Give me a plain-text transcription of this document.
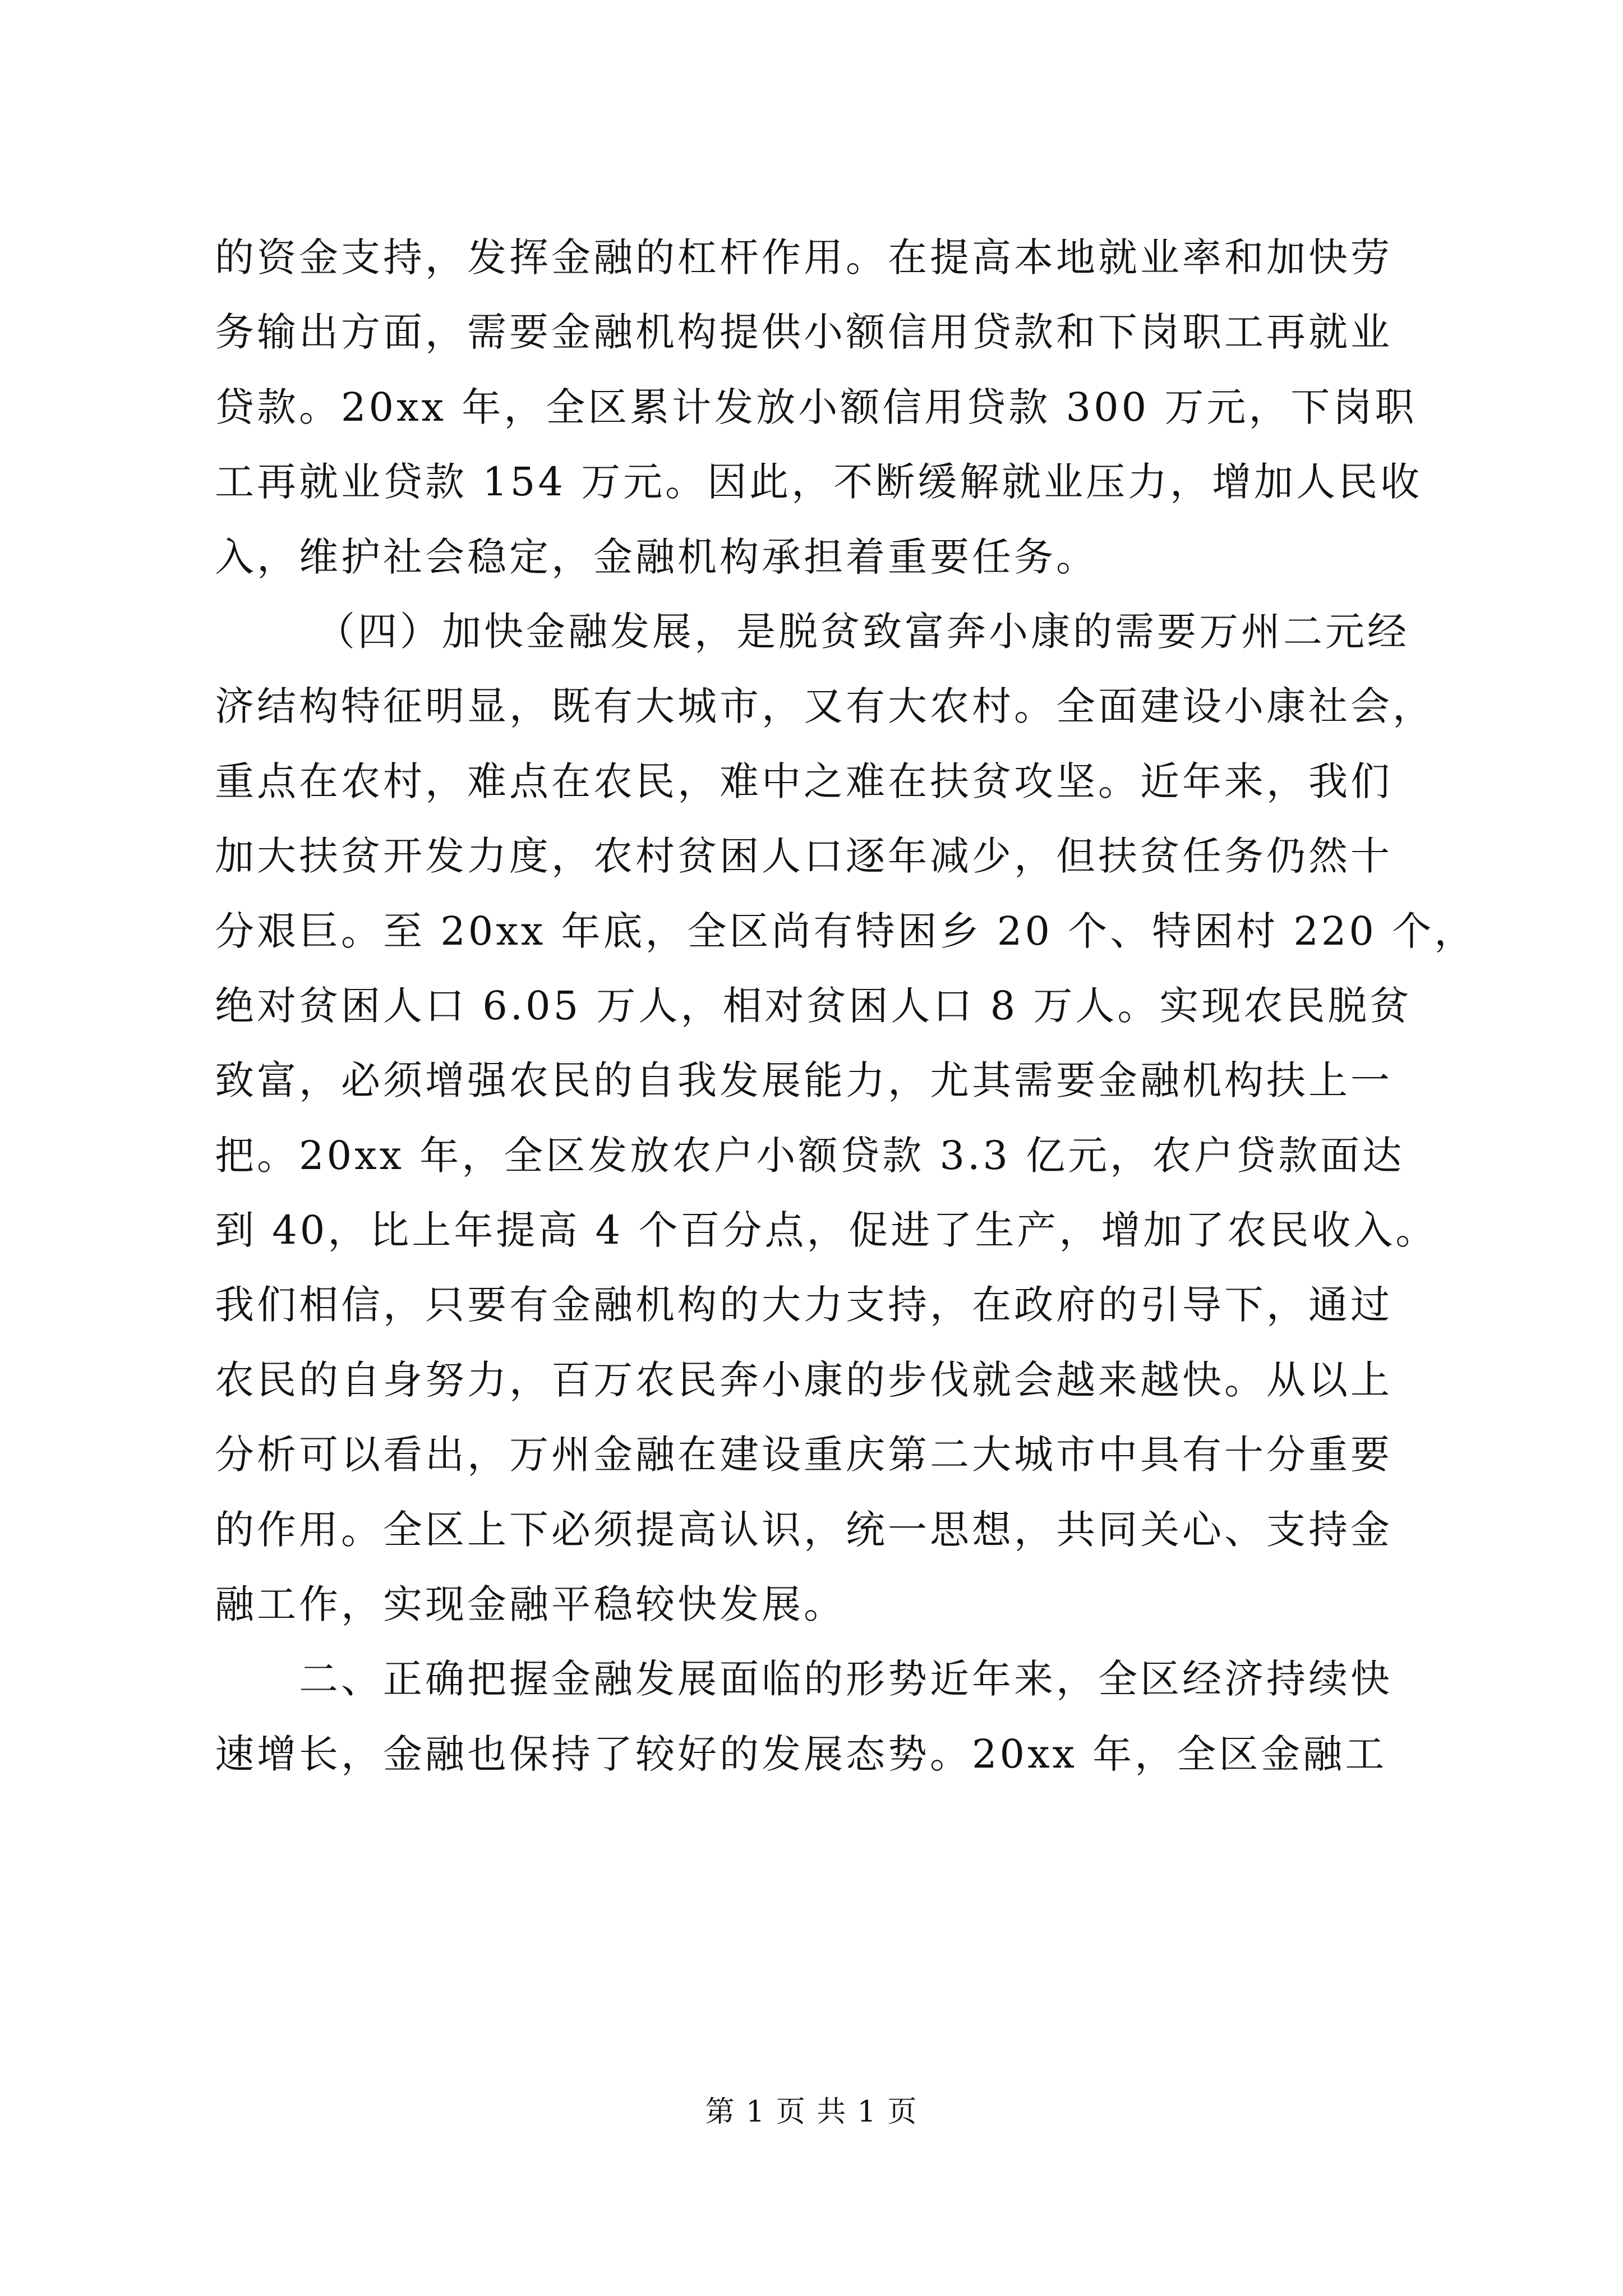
的资金支持，发挥金融的杠杆作用。在提高本地就业率和加快劳
务输出方面，需要金融机构提供小额信用贷款和下岗职工再就业
贷款。20xx 年，全区累计发放小额信用贷款 300 万元，下岗职
工再就业贷款 154 万元。因此，不断缓解就业压力，增加人民收
入，维护社会稳定，金融机构承担着重要任务。
（四）加快金融发展，是脱贫致富奔小康的需要万州二元经
济结构特征明显，既有大城市，又有大农村。全面建设小康社会，
重点在农村，难点在农民，难中之难在扶贫攻坚。近年来，我们
加大扶贫开发力度，农村贫困人口逐年减少，但扶贫任务仍然十
分艰巨。至 20xx 年底，全区尚有特困乡 20 个、特困村 220 个，
绝对贫困人口 6.05 万人，相对贫困人口 8 万人。实现农民脱贫
致富，必须增强农民的自我发展能力，尤其需要金融机构扶上一
把。20xx 年，全区发放农户小额贷款 3.3 亿元，农户贷款面达
到 40，比上年提高 4 个百分点，促进了生产，增加了农民收入。
我们相信，只要有金融机构的大力支持，在政府的引导下，通过
农民的自身努力，百万农民奔小康的步伐就会越来越快。从以上
分析可以看出，万州金融在建设重庆第二大城市中具有十分重要
的作用。全区上下必须提高认识，统一思想，共同关心、支持金
融工作，实现金融平稳较快发展。
二、正确把握金融发展面临的形势近年来，全区经济持续快
速增长，金融也保持了较好的发展态势。20xx 年，全区金融工
第 1 页 共 1 页
